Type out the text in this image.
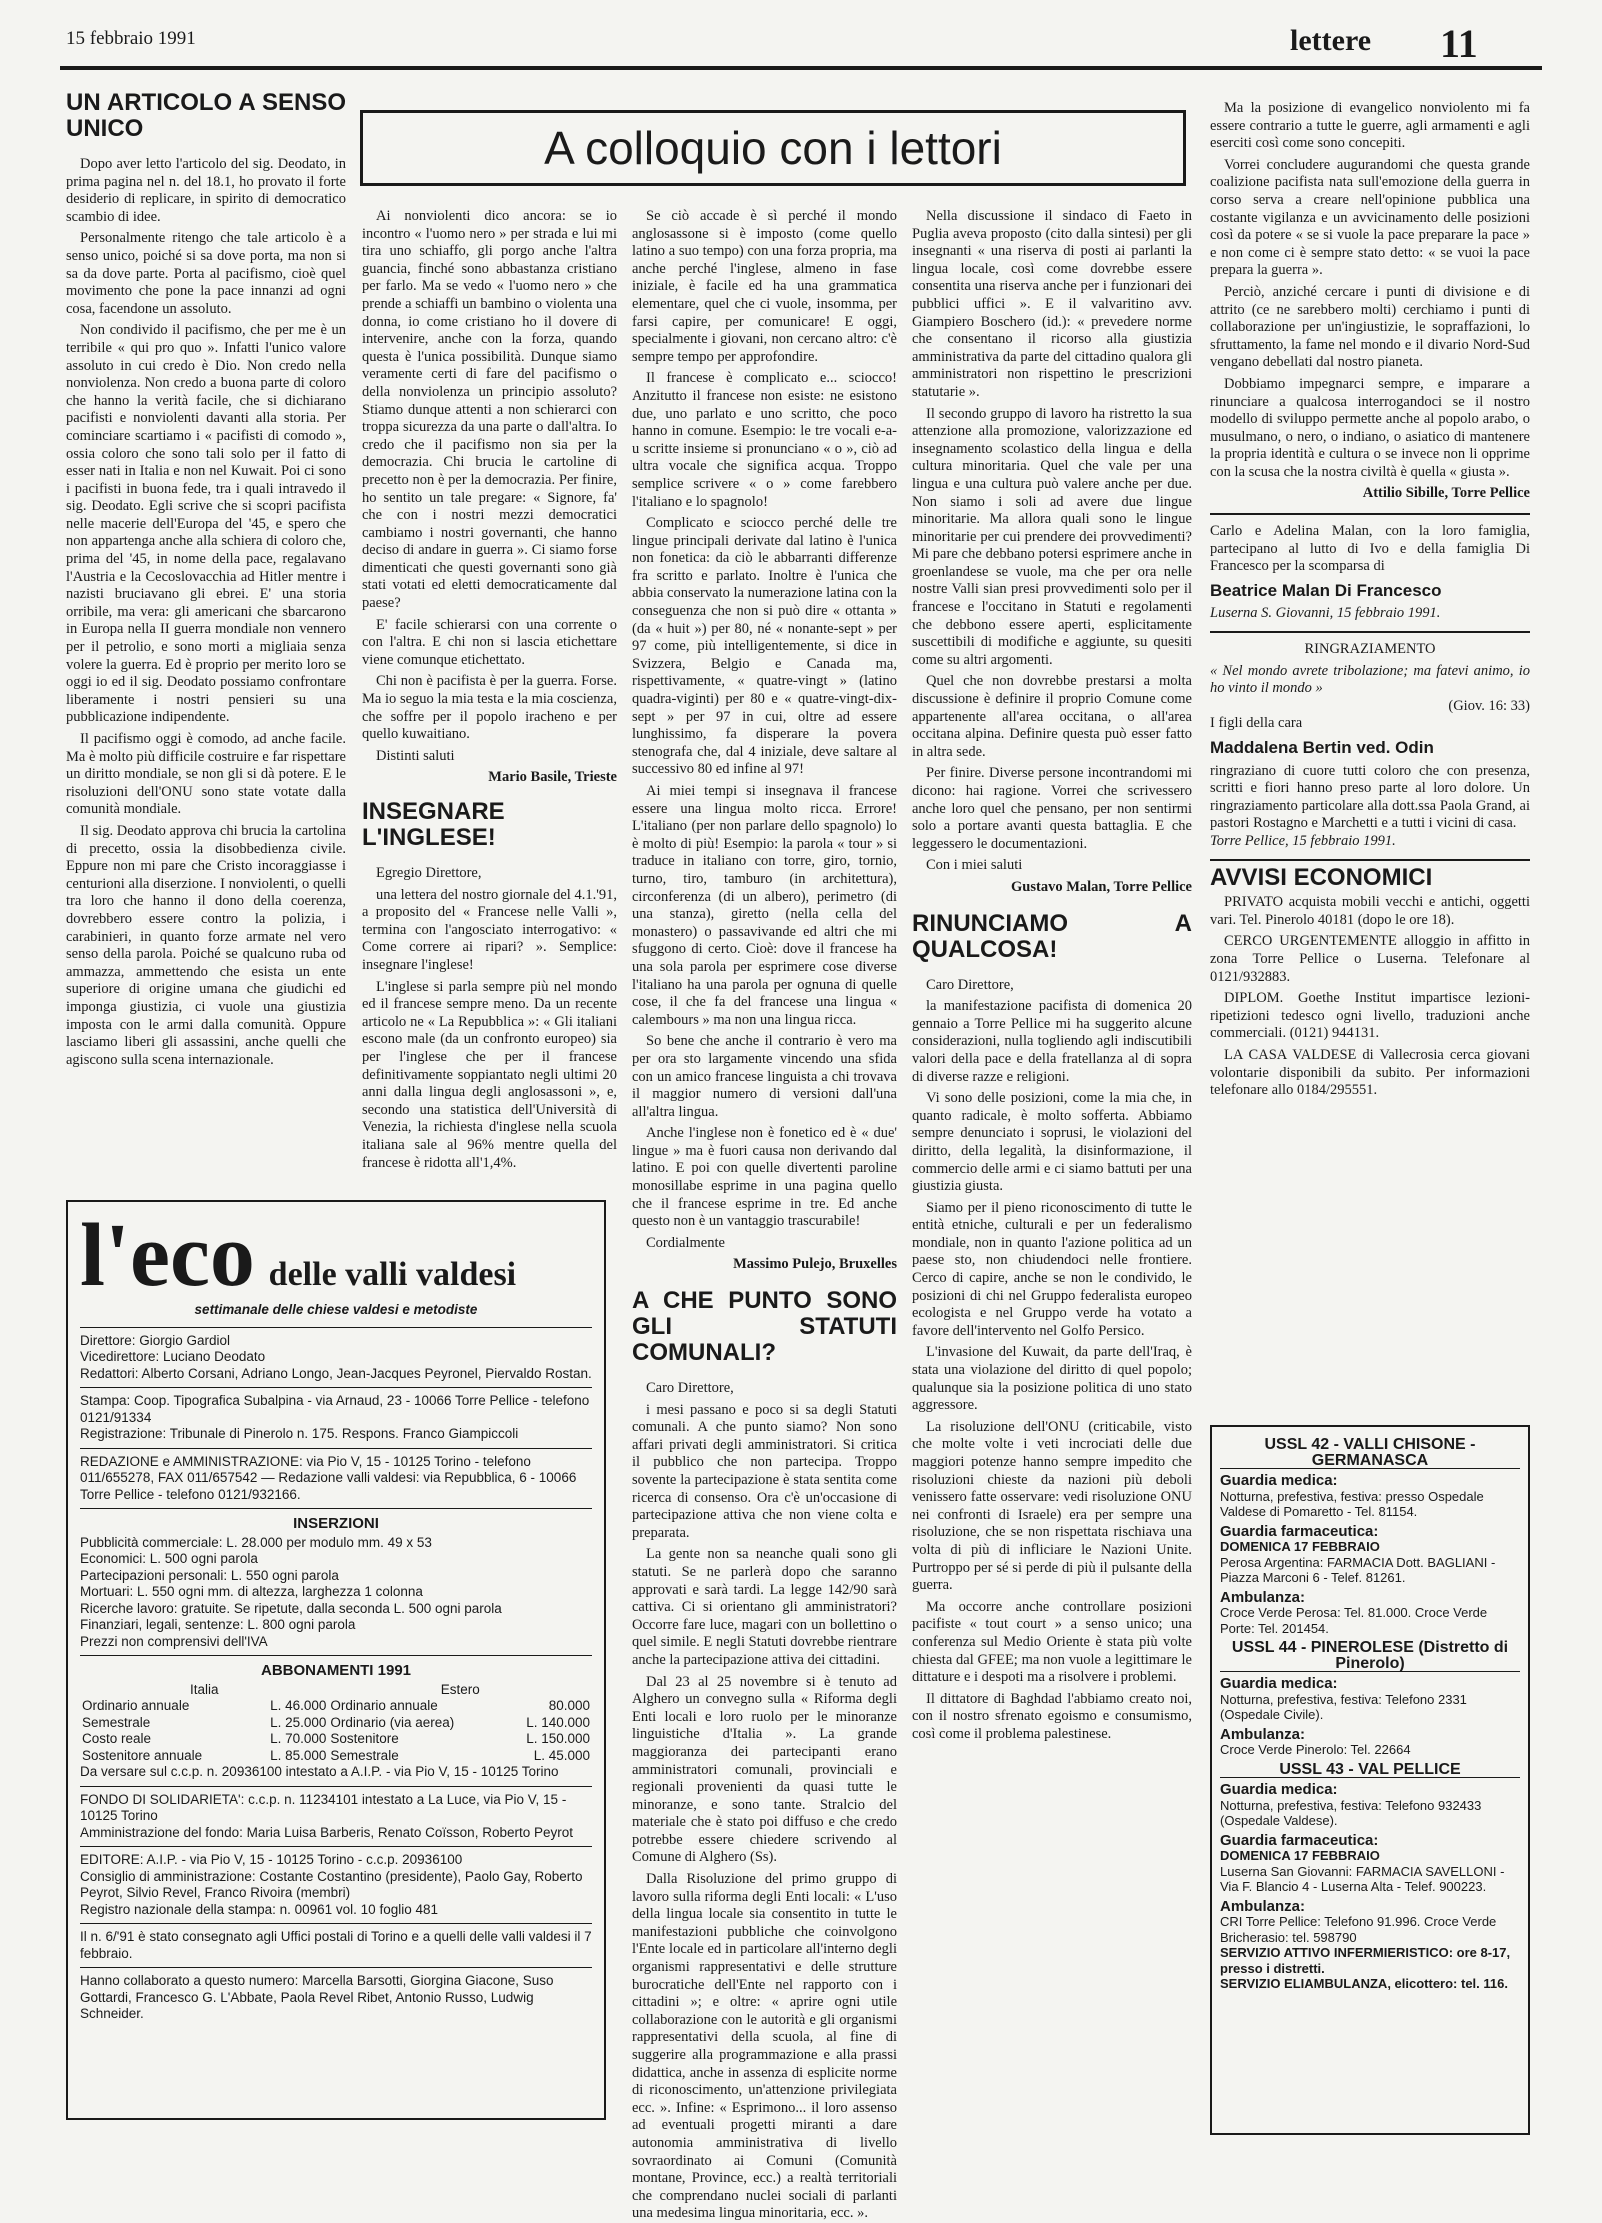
15 febbraio 1991	lettere 11
A colloquio con i lettori
UN ARTICOLO A SENSO UNICO

Dopo aver letto l'articolo del sig. Deodato, in prima pagina nel n. del 18.1, ho provato il forte desiderio di replicare, in spirito di democratico scambio di idee.

Personalmente ritengo che tale articolo è a senso unico, poiché si sa dove porta, ma non si sa da dove parte. Porta al pacifismo, cioè quel movimento che pone la pace innanzi ad ogni cosa, facendone un assoluto.

Non condivido il pacifismo, che per me è un terribile « qui pro quo ». Infatti l'unico valore assoluto in cui credo è Dio. Non credo nella nonviolenza. Non credo a buona parte di coloro che hanno la verità facile, che si dichiarano pacifisti e nonviolenti davanti alla storia. Per cominciare scartiamo i « pacifisti di comodo », ossia coloro che sono tali solo per il fatto di esser nati in Italia e non nel Kuwait. Poi ci sono i pacifisti in buona fede, tra i quali intravedo il sig. Deodato. Egli scrive che si scopri pacifista nelle macerie dell'Europa del '45, e spero che non appartenga anche alla schiera di coloro che, prima del '45, in nome della pace, regalavano l'Austria e la Cecoslovacchia ad Hitler mentre i nazisti bruciavano gli ebrei. E' una storia orribile, ma vera: gli americani che sbarcarono in Europa nella II guerra mondiale non vennero per il petrolio, e sono morti a migliaia senza volere la guerra. Ed è proprio per merito loro se oggi io ed il sig. Deodato possiamo confrontare liberamente i nostri pensieri su una pubblicazione indipendente.

Il pacifismo oggi è comodo, ad anche facile. Ma è molto più difficile costruire e far rispettare un diritto mondiale, se non gli si dà potere. E le risoluzioni dell'ONU sono state votate dalla comunità mondiale.

Il sig. Deodato approva chi brucia la cartolina di precetto, ossia la disobbedienza civile. Eppure non mi pare che Cristo incoraggiasse i centurioni alla diserzione. I nonviolenti, o quelli tra loro che hanno il dono della coerenza, dovrebbero essere contro la polizia, i carabinieri, in quanto forze armate nel vero senso della parola. Poiché se qualcuno ruba od ammazza, ammettendo che esista un ente superiore di origine umana che giudichi ed imponga giustizia, ci vuole una giustizia imposta con le armi dalla comunità. Oppure lasciamo liberi gli assassini, anche quelli che agiscono sulla scena internazionale.

Ai nonviolenti dico ancora: se io incontro « l'uomo nero » per strada e lui mi tira uno schiaffo, gli porgo anche l'altra guancia, finché sono abbastanza cristiano per farlo. Ma se vedo « l'uomo nero » che prende a schiaffi un bambino o violenta una donna, io come cristiano ho il dovere di intervenire, anche con la forza, quando questa è l'unica possibilità. Dunque siamo veramente certi di fare del pacifismo o della nonviolenza un principio assoluto? Stiamo dunque attenti a non schierarci con troppa sicurezza da una parte o dall'altra. Io credo che il pacifismo non sia per la democrazia. Chi brucia le cartoline di precetto non è per la democrazia. Per finire, ho sentito un tale pregare: « Signore, fa' che con i nostri mezzi democratici cambiamo i nostri governanti, che hanno deciso di andare in guerra ». Ci siamo forse dimenticati che questi governanti sono già stati votati ed eletti democraticamente dal paese?

E' facile schierarsi con una corrente o con l'altra. E chi non si lascia etichettare viene comunque etichettato.

Chi non è pacifista è per la guerra. Forse. Ma io seguo la mia testa e la mia coscienza, che soffre per il popolo iracheno e per quello kuwaitiano.

Distinti saluti

Mario Basile, Trieste
INSEGNARE L'INGLESE!

Egregio Direttore,

una lettera del nostro giornale del 4.1.'91, a proposito del « Francese nelle Valli », termina con l'angosciato interrogativo: « Come correre ai ripari? ». Semplice: insegnare l'inglese!

L'inglese si parla sempre più nel mondo ed il francese sempre meno. Da un recente articolo ne « La Repubblica »: « Gli italiani escono male (da un confronto europeo) sia per l'inglese che per il francese definitivamente soppiantato negli ultimi 20 anni dalla lingua degli anglosassoni », e, secondo una statistica dell'Università di Venezia, la richiesta d'inglese nella scuola italiana sale al 96% mentre quella del francese è ridotta all'1,4%.

Se ciò accade è sì perché il mondo anglosassone si è imposto (come quello latino a suo tempo) con una forza propria, ma anche perché l'inglese, almeno in fase iniziale, è facile ed ha una grammatica elementare, quel che ci vuole, insomma, per farsi capire, per comunicare! E oggi, specialmente i giovani, non cercano altro: c'è sempre tempo per approfondire.

Il francese è complicato e... sciocco! Anzitutto il francese non esiste: ne esistono due, uno parlato e uno scritto, che poco hanno in comune. Esempio: le tre vocali e-a-u scritte insieme si pronunciano « o », ciò ad ultra vocale che significa acqua. Troppo semplice scrivere « o » come farebbero l'italiano e lo spagnolo!

Complicato e sciocco perché delle tre lingue principali derivate dal latino è l'unica non fonetica: da ciò le abbarranti differenze fra scritto e parlato. Inoltre è l'unica che abbia conservato la numerazione latina con la conseguenza che non si può dire « ottanta » (da « huit ») per 80, né « nonante-sept » per 97 come, più intelligentemente, si dice in Svizzera, Belgio e Canada ma, rispettivamente, « quatre-vingt » (latino quadra-viginti) per 80 e « quatre-vingt-dix-sept » per 97 in cui, oltre ad essere lunghissimo, fa disperare la povera stenografa che, dal 4 iniziale, deve saltare al successivo 80 ed infine al 97!

Ai miei tempi si insegnava il francese essere una lingua molto ricca. Errore! L'italiano (per non parlare dello spagnolo) lo è molto di più! Esempio: la parola « tour » si traduce in italiano con torre, giro, tornio, turno, tiro, tamburo (in architettura), circonferenza (di un albero), perimetro (di una stanza), giretto (nella cella del monastero) o passavivande ed altri che mi sfuggono di certo. Cioè: dove il francese ha una sola parola per esprimere cose diverse l'italiano ha una parola per ognuna di quelle cose, il che fa del francese una lingua « calembours » ma non una lingua ricca.

So bene che anche il contrario è vero ma per ora sto largamente vincendo una sfida con un amico francese linguista a chi trovava il maggior numero di versioni dall'una all'altra lingua.

Anche l'inglese non è fonetico ed è « due' lingue » ma è fuori causa non derivando dal latino. E poi con quelle divertenti paroline monosillabe esprime in una pagina quello che il francese esprime in tre. Ed anche questo non è un vantaggio trascurabile!

Cordialmente

Massimo Pulejo, Bruxelles
A CHE PUNTO SONO GLI STATUTI COMUNALI?

Caro Direttore,

i mesi passano e poco si sa degli Statuti comunali. A che punto siamo? Non sono affari privati degli amministratori. Si critica il pubblico che non partecipa. Troppo sovente la partecipazione è stata sentita come ricerca di consenso. Ora c'è un'occasione di partecipazione attiva che non viene colta e preparata.

La gente non sa neanche quali sono gli statuti. Se ne parlerà dopo che saranno approvati e sarà tardi. La legge 142/90 sarà cattiva. Ci si orientano gli amministratori? Occorre fare luce, magari con un bollettino o quel simile. E negli Statuti dovrebbe rientrare anche la partecipazione attiva dei cittadini.

Dal 23 al 25 novembre si è tenuto ad Alghero un convegno sulla « Riforma degli Enti locali e loro ruolo per le minoranze linguistiche d'Italia ». La grande maggioranza dei partecipanti erano amministratori comunali, provinciali e regionali provenienti da quasi tutte le minoranze, e sono tante. Stralcio del materiale che è stato poi diffuso e che credo potrebbe essere chiedere scrivendo al Comune di Alghero (Ss).

Dalla Risoluzione del primo gruppo di lavoro sulla riforma degli Enti locali: « L'uso della lingua locale sia consentito in tutte le manifestazioni pubbliche che coinvolgono l'Ente locale ed in particolare all'interno degli organismi rappresentativi e delle strutture burocratiche dell'Ente nel rapporto con i cittadini »; e oltre: « aprire ogni utile collaborazione con le autorità e gli organismi rappresentativi della scuola, al fine di suggerire alla programmazione e alla prassi didattica, anche in assenza di esplicite norme di riconoscimento, un'attenzione privilegiata ecc. ». Infine: « Esprimono... il loro assenso ad eventuali progetti miranti a dare autonomia amministrativa di livello sovraordinato ai Comuni (Comunità montane, Province, ecc.) a realtà territoriali che comprendano nuclei sociali di parlanti una medesima lingua minoritaria, ecc. ».

Nella discussione il sindaco di Faeto in Puglia aveva proposto (cito dalla sintesi) per gli insegnanti « una riserva di posti ai parlanti la lingua locale, così come dovrebbe essere consentita una riserva anche per i funzionari dei pubblici uffici ». E il valvaritino avv. Giampiero Boschero (id.): « prevedere norme che consentano il ricorso alla giustizia amministrativa da parte del cittadino qualora gli amministratori non rispettino le prescrizioni statutarie ».

Il secondo gruppo di lavoro ha ristretto la sua attenzione alla promozione, valorizzazione ed insegnamento scolastico della lingua e della cultura minoritaria. Quel che vale per una lingua e una cultura può valere anche per due. Non siamo i soli ad avere due lingue minoritarie. Ma allora quali sono le lingue minoritarie per cui prendere dei provvedimenti? Mi pare che debbano potersi esprimere anche in groenlandese se vuole, ma che per ora nelle nostre Valli sian presi provvedimenti solo per il francese e l'occitano in Statuti e regolamenti che debbono essere aperti, esplicitamente suscettibili di modifiche e aggiunte, su quesiti come su altri argomenti.

Quel che non dovrebbe prestarsi a molta discussione è definire il proprio Comune come appartenente all'area occitana, o all'area occitana alpina. Definire questa può esser fatto in altra sede.

Per finire. Diverse persone incontrandomi mi dicono: hai ragione. Vorrei che scrivessero anche loro quel che pensano, per non sentirmi solo a portare avanti questa battaglia. E che leggessero le documentazioni.

Con i miei saluti

Gustavo Malan, Torre Pellice
RINUNCIAMO A QUALCOSA!

Caro Direttore,

la manifestazione pacifista di domenica 20 gennaio a Torre Pellice mi ha suggerito alcune considerazioni, nulla togliendo agli indiscutibili valori della pace e della fratellanza al di sopra di diverse razze e religioni.

Vi sono delle posizioni, come la mia che, in quanto radicale, è molto sofferta. Abbiamo sempre denunciato i soprusi, le violazioni del diritto, della legalità, la disinformazione, il commercio delle armi e ci siamo battuti per una giustizia giusta.

Siamo per il pieno riconoscimento di tutte le entità etniche, culturali e per un federalismo mondiale, non in quanto l'azione politica ad un paese sto, non chiudendoci nelle frontiere. Cerco di capire, anche se non le condivido, le posizioni di chi nel Gruppo federalista europeo ecologista e nel Gruppo verde ha votato a favore dell'intervento nel Golfo Persico.

L'invasione del Kuwait, da parte dell'Iraq, è stata una violazione del diritto di quel popolo; qualunque sia la posizione politica di uno stato aggressore.

La risoluzione dell'ONU (criticabile, visto che molte volte i veti incrociati delle due maggiori potenze hanno sempre impedito che risoluzioni chieste da nazioni più deboli venissero fatte osservare: vedi risoluzione ONU nei confronti di Israele) era per sempre una risoluzione, che se non rispettata rischiava una volta di più di infliciare le Nazioni Unite. Purtroppo per sé si perde di più il pulsante della guerra.

Ma occorre anche controllare posizioni pacifiste « tout court » a senso unico; una conferenza sul Medio Oriente è stata più volte chiesta dal GFEE; ma non vuole a legittimare le dittature e i despoti ma a risolvere i problemi.

Il dittatore di Baghdad l'abbiamo creato noi, con il nostro sfrenato egoismo e consumismo, così come il problema palestinese.

Ma la posizione di evangelico nonviolento mi fa essere contrario a tutte le guerre, agli armamenti e agli eserciti così come sono concepiti.

Vorrei concludere augurandomi che questa grande coalizione pacifista nata sull'emozione della guerra in corso serva a creare nell'opinione pubblica una costante vigilanza e un avvicinamento delle posizioni così da potere « se si vuole la pace preparare la pace » e non come ci è sempre stato detto: « se vuoi la pace prepara la guerra ».

Perciò, anziché cercare i punti di divisione e di attrito (ce ne sarebbero molti) cerchiamo i punti di collaborazione per un'ingiustizie, le sopraffazioni, lo sfruttamento, la fame nel mondo e il divario Nord-Sud vengano debellati dal nostro pianeta.

Dobbiamo impegnarci sempre, e imparare a rinunciare a qualcosa interrogandoci se il nostro modello di sviluppo permette anche al popolo arabo, o musulmano, o nero, o indiano, o asiatico di mantenere la propria identità e cultura o se invece non li opprime con la scusa che la nostra civiltà è quella « giusta ».

Attilio Sibille, Torre Pellice
Carlo e Adelina Malan, con la loro famiglia, partecipano al lutto di Ivo e della famiglia Di Francesco per la scomparsa di
Beatrice Malan Di Francesco
Luserna S. Giovanni, 15 febbraio 1991.
RINGRAZIAMENTO
« Nel mondo avrete tribolazione; ma fatevi animo, io ho vinto il mondo »
(Giov. 16: 33)
I figli della cara
Maddalena Bertin ved. Odin
ringraziano di cuore tutti coloro che con presenza, scritti e fiori hanno preso parte al loro dolore. Un ringraziamento particolare alla dott.ssa Paola Grand, ai pastori Rostagno e Marchetti e a tutti i vicini di casa.
Torre Pellice, 15 febbraio 1991.
AVVISI ECONOMICI

PRIVATO acquista mobili vecchi e antichi, oggetti vari. Tel. Pinerolo 40181 (dopo le ore 18).

CERCO URGENTEMENTE alloggio in affitto in zona Torre Pellice o Luserna. Telefonare al 0121/932883.

DIPLOM. Goethe Institut impartisce lezioni-ripetizioni tedesco ogni livello, traduzioni anche commerciali. (0121) 944131.

LA CASA VALDESE di Vallecrosia cerca giovani volontarie disponibili da subito. Per informazioni telefonare allo 0184/295551.

USSL 42 - VALLI CHISONE - GERMANASCA
Guardia medica:
Notturna, prefestiva, festiva: presso Ospedale Valdese di Pomaretto - Tel. 81154.
Guardia farmaceutica:
DOMENICA 17 FEBBRAIO
Perosa Argentina: FARMACIA Dott. BAGLIANI - Piazza Marconi 6 - Telef. 81261.
Ambulanza:
Croce Verde Perosa: Tel. 81.000. Croce Verde Porte: Tel. 201454.
USSL 44 - PINEROLESE (Distretto di Pinerolo)
Guardia medica:
Notturna, prefestiva, festiva: Telefono 2331 (Ospedale Civile).
Ambulanza:
Croce Verde Pinerolo: Tel. 22664
USSL 43 - VAL PELLICE
Guardia medica:
Notturna, prefestiva, festiva: Telefono 932433 (Ospedale Valdese).
Guardia farmaceutica:
DOMENICA 17 FEBBRAIO
Luserna San Giovanni: FARMACIA SAVELLONI - Via F. Blancio 4 - Luserna Alta - Telef. 900223.
Ambulanza:
CRI Torre Pellice: Telefono 91.996. Croce Verde Bricherasio: tel. 598790
SERVIZIO ATTIVO INFERMIERISTICO: ore 8-17, presso i distretti.
SERVIZIO ELIAMBULANZA, elicottero: tel. 116.
l'eco delle valli valdesi
settimanale delle chiese valdesi e metodiste
Direttore: Giorgio Gardiol
Vicedirettore: Luciano Deodato
Redattori: Alberto Corsani, Adriano Longo, Jean-Jacques Peyronel, Piervaldo Rostan.
Stampa: Coop. Tipografica Subalpina - via Arnaud, 23 - 10066 Torre Pellice - telefono 0121/91334
Registrazione: Tribunale di Pinerolo n. 175. Respons. Franco Giampiccoli
REDAZIONE e AMMINISTRAZIONE: via Pio V, 15 - 10125 Torino - telefono 011/655278, FAX 011/657542 — Redazione valli valdesi: via Repubblica, 6 - 10066 Torre Pellice - telefono 0121/932166.
INSERZIONI
Pubblicità commerciale: L. 28.000 per modulo mm. 49 x 53
Economici: L. 500 ogni parola
Partecipazioni personali: L. 550 ogni parola
Mortuari: L. 550 ogni mm. di altezza, larghezza 1 colonna
Ricerche lavoro: gratuite. Se ripetute, dalla seconda L. 500 ogni parola
Finanziari, legali, sentenze: L. 800 ogni parola
Prezzi non comprensivi dell'IVA
ABBONAMENTI 1991
Italia		Estero	
Ordinario annuale	L. 46.000	Ordinario annuale	80.000
Semestrale	L. 25.000	Ordinario (via aerea)	L. 140.000
Costo reale	L. 70.000	Sostenitore	L. 150.000
Sostenitore annuale	L. 85.000	Semestrale	L. 45.000
Da versare sul c.c.p. n. 20936100 intestato a A.I.P. - via Pio V, 15 - 10125 Torino
FONDO DI SOLIDARIETA': c.c.p. n. 11234101 intestato a La Luce, via Pio V, 15 - 10125 Torino
Amministrazione del fondo: Maria Luisa Barberis, Renato Coïsson, Roberto Peyrot
EDITORE: A.I.P. - via Pio V, 15 - 10125 Torino - c.c.p. 20936100
Consiglio di amministrazione: Costante Costantino (presidente), Paolo Gay, Roberto Peyrot, Silvio Revel, Franco Rivoira (membri)
Registro nazionale della stampa: n. 00961 vol. 10 foglio 481
Il n. 6/'91 è stato consegnato agli Uffici postali di Torino e a quelli delle valli valdesi il 7 febbraio.
Hanno collaborato a questo numero: Marcella Barsotti, Giorgina Giacone, Suso Gottardi, Francesco G. L'Abbate, Paola Revel Ribet, Antonio Russo, Ludwig Schneider.
